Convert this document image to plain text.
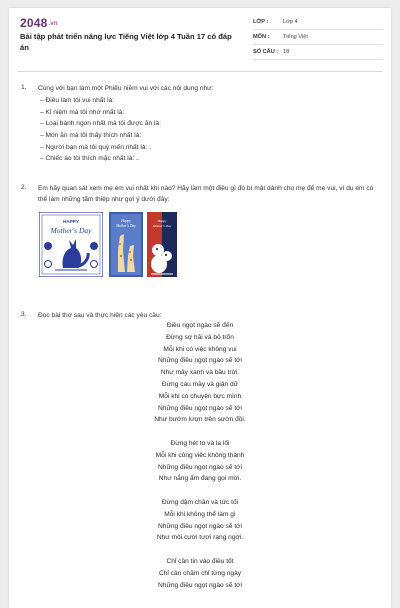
2048.vn
Bài tập phát triển năng lực Tiếng Việt lớp 4 Tuần 17 có đáp án
LỚP :	Lớp 4
MÔN :	Tiếng Việt
SỐ CÂU : 18
1. Cùng với bạn làm một Phiếu niềm vui với các nội dung như:
– Điều làm tôi vui nhất là:
– Kỉ niệm mà tôi nhớ nhất là:
– Loại bánh ngon nhất mà tôi được ăn là:
– Món ăn mà tôi thấy thích nhất là:
– Người bạn mà tôi quý mến nhất là: .
– Chiếc áo tôi thích mặc nhất là: ..
2. Em hãy quan sát xem mẹ em vui nhất khi nào? Hãy làm một điều gì đó bí mật dành cho mẹ để mẹ vui, ví dụ em có thể làm những tấm thiệp như gợi ý dưới đây:
HAPPY
Mother's Day
Happy
Mother's Day
Happy
Mother's Day
3. Đọc bài thơ sau và thực hiện các yêu cầu:
Điều ngọt ngào sẽ đến
Đừng sợ hãi và bỏ trốn
Mỗi khi có việc không vui
Những điều ngọt ngào sẽ tới
Như mây xanh và bầu trời.
Đừng cau mày và giận dữ
Mỗi khi có chuyện bực mình
Những điều ngọt ngào sẽ tới
Như bướm lượn trên sườn đồi.
Đừng hét to và la lối
Mỗi khi công việc không thành
Những điều ngọt ngào sẽ tới
Như nắng ấm đang gọi mời.
Đừng dậm chân và tức tối
Mỗi khi không thể làm gì
Những điều ngọt ngào sẽ tới
Như môi cười tươi rạng ngời.
Chỉ cần tin vào điều tốt
Chỉ cần chăm chỉ từng ngày
Những điều ngọt ngào sẽ tới
